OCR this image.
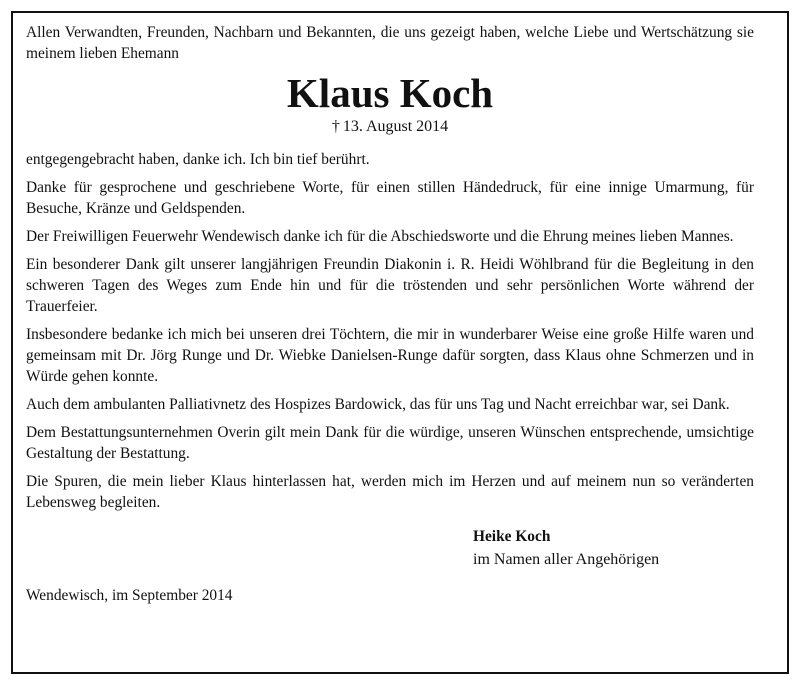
Allen Verwandten, Freunden, Nachbarn und Bekannten, die uns gezeigt haben, welche Liebe und Wertschätzung sie meinem lieben Ehemann

Klaus Koch
† 13. August 2014

entgegengebracht haben, danke ich. Ich bin tief berührt.

Danke für gesprochene und geschriebene Worte, für einen stillen Händedruck, für eine innige Umarmung, für Besuche, Kränze und Geldspenden.

Der Freiwilligen Feuerwehr Wendewisch danke ich für die Abschiedsworte und die Ehrung meines lieben Mannes.

Ein besonderer Dank gilt unserer langjährigen Freundin Diakonin i. R. Heidi Wöhlbrand für die Begleitung in den schweren Tagen des Weges zum Ende hin und für die tröstenden und sehr persönlichen Worte während der Trauerfeier.

Insbesondere bedanke ich mich bei unseren drei Töchtern, die mir in wunderbarer Weise eine große Hilfe waren und gemeinsam mit Dr. Jörg Runge und Dr. Wiebke Danielsen-Runge dafür sorgten, dass Klaus ohne Schmerzen und in Würde gehen konnte.

Auch dem ambulanten Palliativnetz des Hospizes Bardowick, das für uns Tag und Nacht erreichbar war, sei Dank.

Dem Bestattungsunternehmen Overin gilt mein Dank für die würdige, unseren Wünschen entsprechende, umsichtige Gestaltung der Bestattung.

Die Spuren, die mein lieber Klaus hinterlassen hat, werden mich im Herzen und auf meinem nun so veränderten Lebensweg begleiten.

Heike Koch
im Namen aller Angehörigen
Wendewisch, im September 2014
